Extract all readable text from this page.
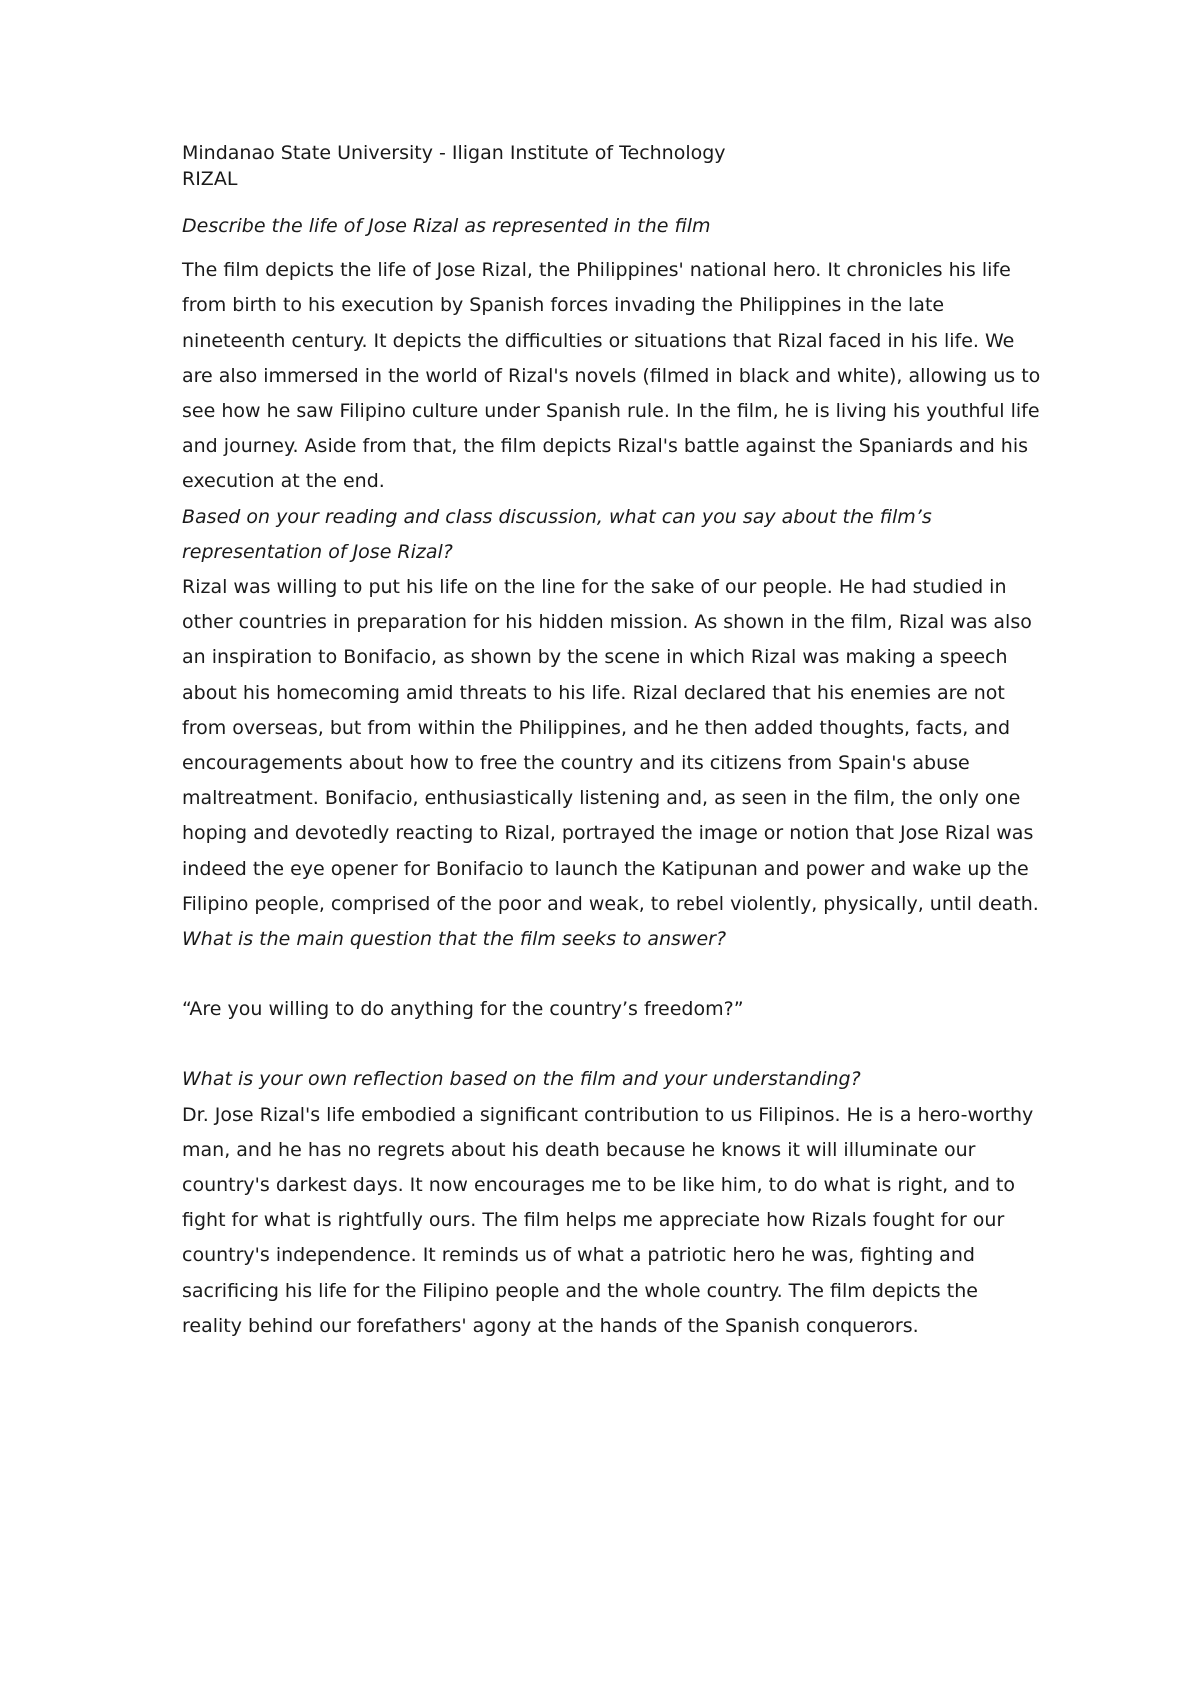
Mindanao State University - Iligan Institute of Technology

RIZAL

Describe the life of Jose Rizal as represented in the film

The film depicts the life of Jose Rizal, the Philippines' national hero. It chronicles his life from birth to his execution by Spanish forces invading the Philippines in the late nineteenth century. It depicts the difficulties or situations that Rizal faced in his life. We are also immersed in the world of Rizal's novels (filmed in black and white), allowing us to see how he saw Filipino culture under Spanish rule. In the film, he is living his youthful life and journey. Aside from that, the film depicts Rizal's battle against the Spaniards and his execution at the end.

Based on your reading and class discussion, what can you say about the film’s representation of Jose Rizal?

Rizal was willing to put his life on the line for the sake of our people. He had studied in other countries in preparation for his hidden mission. As shown in the film, Rizal was also an inspiration to Bonifacio, as shown by the scene in which Rizal was making a speech about his homecoming amid threats to his life. Rizal declared that his enemies are not from overseas, but from within the Philippines, and he then added thoughts, facts, and encouragements about how to free the country and its citizens from Spain's abuse maltreatment. Bonifacio, enthusiastically listening and, as seen in the film, the only one hoping and devotedly reacting to Rizal, portrayed the image or notion that Jose Rizal was indeed the eye opener for Bonifacio to launch the Katipunan and power and wake up the Filipino people, comprised of the poor and weak, to rebel violently, physically, until death.

What is the main question that the film seeks to answer?

“Are you willing to do anything for the country’s freedom?”

What is your own reflection based on the film and your understanding?

Dr. Jose Rizal's life embodied a significant contribution to us Filipinos. He is a hero-worthy man, and he has no regrets about his death because he knows it will illuminate our country's darkest days. It now encourages me to be like him, to do what is right, and to fight for what is rightfully ours. The film helps me appreciate how Rizals fought for our country's independence. It reminds us of what a patriotic hero he was, fighting and sacrificing his life for the Filipino people and the whole country. The film depicts the reality behind our forefathers' agony at the hands of the Spanish conquerors.
